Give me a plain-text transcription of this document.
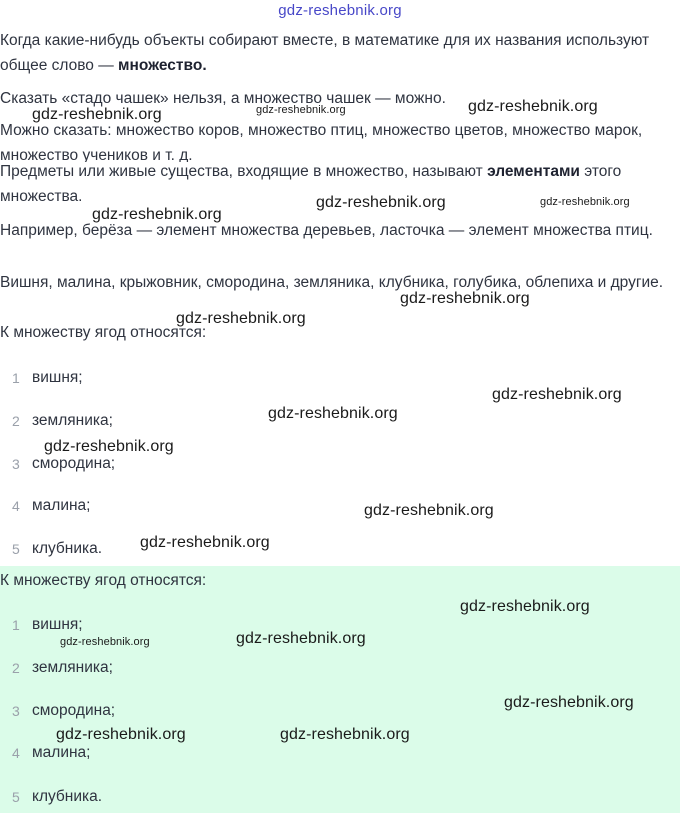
gdz-reshebnik.org

Когда какие-нибудь объекты собирают вместе, в математике для их названия используют общее слово — множество.

Сказать «стадо чашек» нельзя, а множество чашек — можно.

Можно сказать: множество коров, множество птиц, множество цветов, множество марок, множество учеников и т. д.

Предметы или живые существа, входящие в множество, называют элементами этого множества.

Например, берёза — элемент множества деревьев, ласточка — элемент множества птиц.

Вишня, малина, крыжовник, смородина, земляника, клубника, голубика, облепиха и другие.

К множеству ягод относятся:

1 вишня;
2 земляника;
3 смородина;
4 малина;
5 клубника.

К множеству ягод относятся:

1 вишня;
2 земляника;
3 смородина;
4 малина;
5 клубника.
gdz-reshebnik.org	gdz-reshebnik.org	gdz-reshebnik.org
gdz-reshebnik.org
gdz-reshebnik.org	gdz-reshebnik.org
gdz-reshebnik.org
gdz-reshebnik.org
gdz-reshebnik.org
gdz-reshebnik.org
gdz-reshebnik.org
gdz-reshebnik.org
gdz-reshebnik.org
gdz-reshebnik.org
gdz-reshebnik.org	gdz-reshebnik.org
gdz-reshebnik.org
gdz-reshebnik.org	gdz-reshebnik.org
